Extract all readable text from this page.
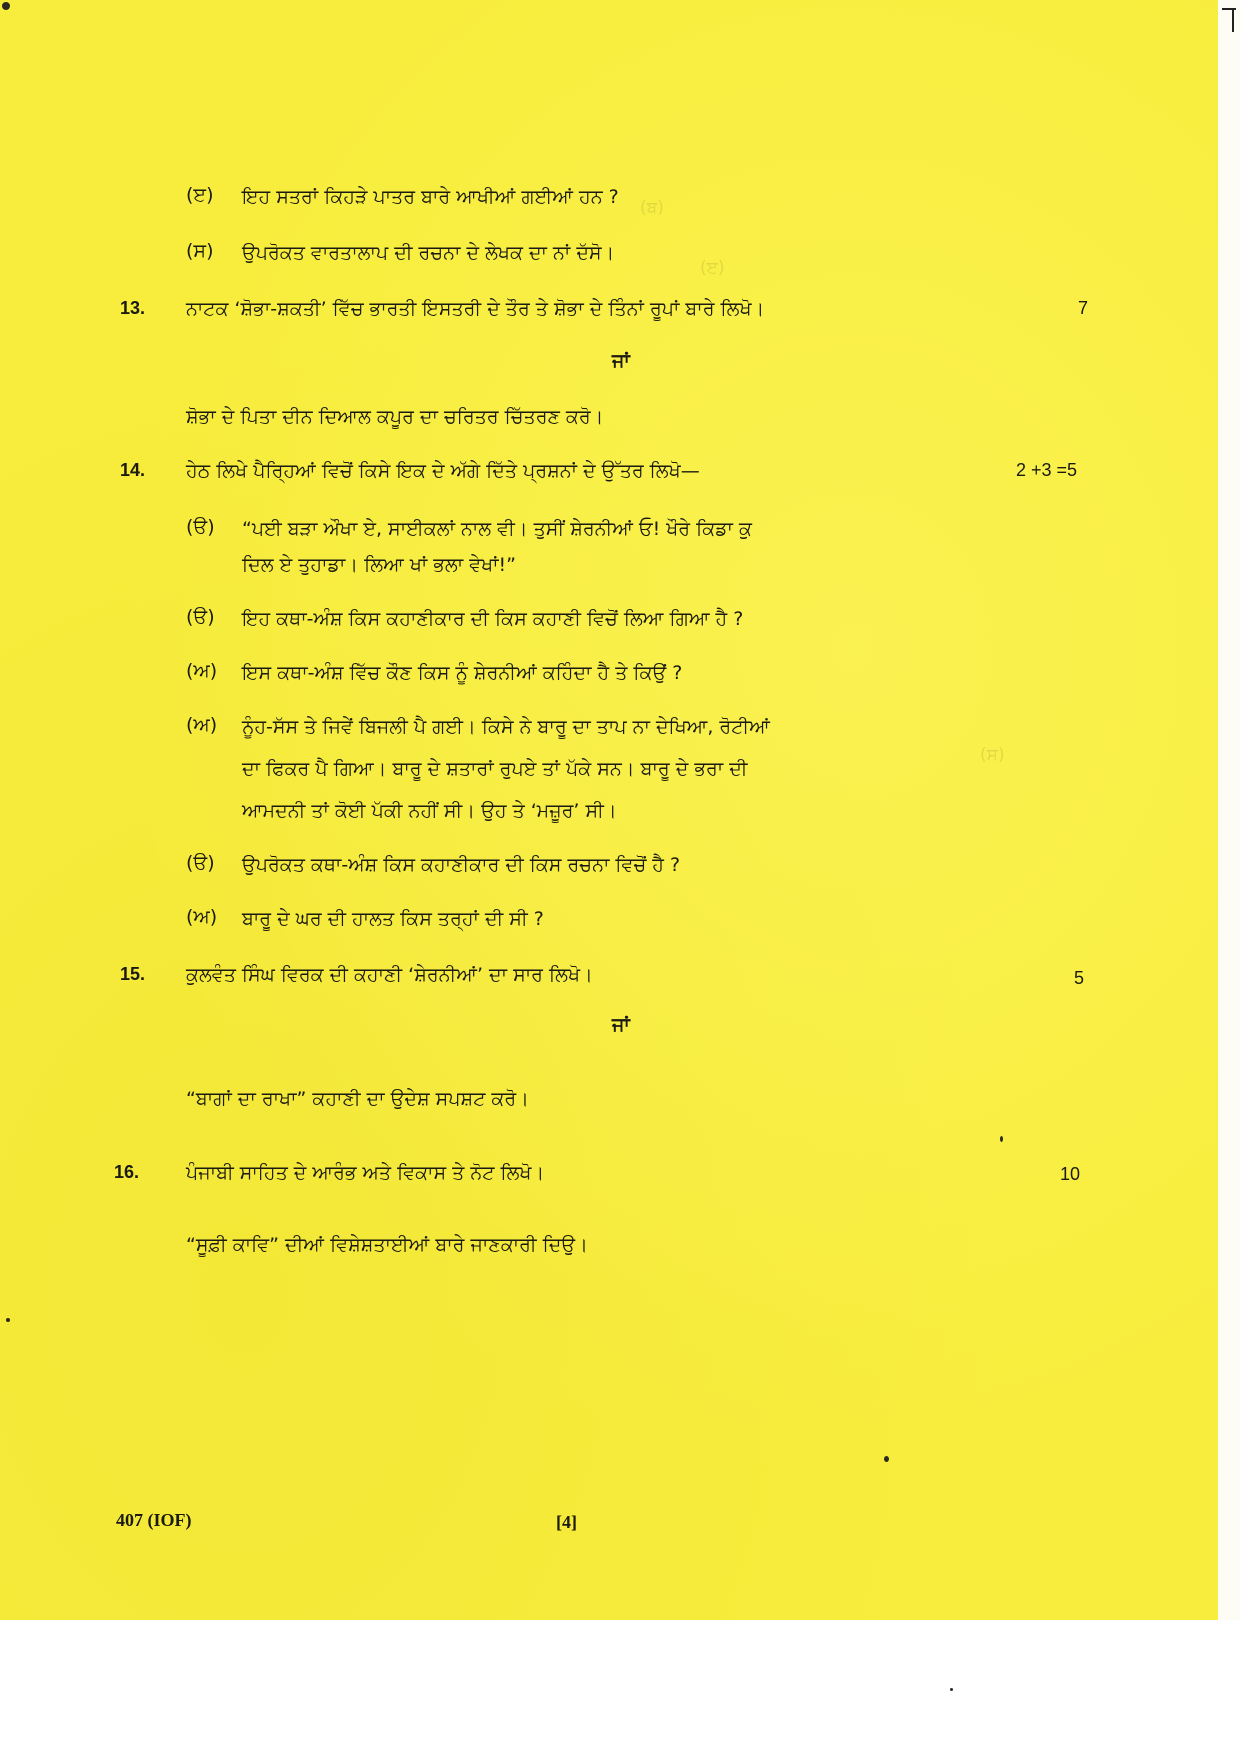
(ਬ)
(ੲ)
(ਸ)
(ੲ) ਇਹ ਸਤਰਾਂ ਕਿਹੜੇ ਪਾਤਰ ਬਾਰੇ ਆਖੀਆਂ ਗਈਆਂ ਹਨ ?
(ਸ) ਉਪਰੋਕਤ ਵਾਰਤਾਲਾਪ ਦੀ ਰਚਨਾ ਦੇ ਲੇਖਕ ਦਾ ਨਾਂ ਦੱਸੋ।
13. ਨਾਟਕ ‘ਸ਼ੋਭਾ-ਸ਼ਕਤੀ’ ਵਿੱਚ ਭਾਰਤੀ ਇਸਤਰੀ ਦੇ ਤੌਰ ਤੇ ਸ਼ੋਭਾ ਦੇ ਤਿੰਨਾਂ ਰੂਪਾਂ ਬਾਰੇ ਲਿਖੋ।	7
ਜਾਂ
ਸ਼ੋਭਾ ਦੇ ਪਿਤਾ ਦੀਨ ਦਿਆਲ ਕਪੂਰ ਦਾ ਚਰਿਤਰ ਚਿੱਤਰਣ ਕਰੋ।
14. ਹੇਠ ਲਿਖੇ ਪੈਰ੍ਹਿਆਂ ਵਿਚੋਂ ਕਿਸੇ ਇਕ ਦੇ ਅੱਗੇ ਦਿੱਤੇ ਪ੍ਰਸ਼ਨਾਂ ਦੇ ਉੱਤਰ ਲਿਖੋ—	2 +3 =5
(ੳ) “ਪਈ ਬੜਾ ਔਖਾ ਏ, ਸਾਈਕਲਾਂ ਨਾਲ ਵੀ। ਤੁਸੀਂ ਸ਼ੇਰਨੀਆਂ ਓ! ਖੌਰੇ ਕਿਡਾ ਕੁ
ਦਿਲ ਏ ਤੁਹਾਡਾ। ਲਿਆ ਖਾਂ ਭਲਾ ਵੇਖਾਂ!”
(ੳ) ਇਹ ਕਥਾ-ਅੰਸ਼ ਕਿਸ ਕਹਾਣੀਕਾਰ ਦੀ ਕਿਸ ਕਹਾਣੀ ਵਿਚੋਂ ਲਿਆ ਗਿਆ ਹੈ ?
(ਅ) ਇਸ ਕਥਾ-ਅੰਸ਼ ਵਿੱਚ ਕੌਣ ਕਿਸ ਨੂੰ ਸ਼ੇਰਨੀਆਂ ਕਹਿੰਦਾ ਹੈ ਤੇ ਕਿਉਂ ?
(ਅ) ਨੂੰਹ-ਸੱਸ ਤੇ ਜਿਵੇਂ ਬਿਜਲੀ ਪੈ ਗਈ। ਕਿਸੇ ਨੇ ਬਾਰੂ ਦਾ ਤਾਪ ਨਾ ਦੇਖਿਆ, ਰੋਟੀਆਂ
ਦਾ ਫਿਕਰ ਪੈ ਗਿਆ। ਬਾਰੂ ਦੇ ਸ਼ਤਾਰਾਂ ਰੁਪਏ ਤਾਂ ਪੱਕੇ ਸਨ। ਬਾਰੂ ਦੇ ਭਰਾ ਦੀ
ਆਮਦਨੀ ਤਾਂ ਕੋਈ ਪੱਕੀ ਨਹੀਂ ਸੀ। ਉਹ ਤੇ ‘ਮਜ਼ੂਰ’ ਸੀ।
(ੳ) ਉਪਰੋਕਤ ਕਥਾ-ਅੰਸ਼ ਕਿਸ ਕਹਾਣੀਕਾਰ ਦੀ ਕਿਸ ਰਚਨਾ ਵਿਚੋਂ ਹੈ ?
(ਅ) ਬਾਰੂ ਦੇ ਘਰ ਦੀ ਹਾਲਤ ਕਿਸ ਤਰ੍ਹਾਂ ਦੀ ਸੀ ?
15. ਕੁਲਵੰਤ ਸਿੰਘ ਵਿਰਕ ਦੀ ਕਹਾਣੀ ‘ਸ਼ੇਰਨੀਆਂ’ ਦਾ ਸਾਰ ਲਿਖੋ।	5
ਜਾਂ
“ਬਾਗਾਂ ਦਾ ਰਾਖਾ” ਕਹਾਣੀ ਦਾ ਉਦੇਸ਼ ਸਪਸ਼ਟ ਕਰੋ।
16. ਪੰਜਾਬੀ ਸਾਹਿਤ ਦੇ ਆਰੰਭ ਅਤੇ ਵਿਕਾਸ ਤੇ ਨੋਟ ਲਿਖੋ।	10
“ਸੂਫ਼ੀ ਕਾਵਿ” ਦੀਆਂ ਵਿਸ਼ੇਸ਼ਤਾਈਆਂ ਬਾਰੇ ਜਾਣਕਾਰੀ ਦਿਉ।
407 (IOF)	[4]
